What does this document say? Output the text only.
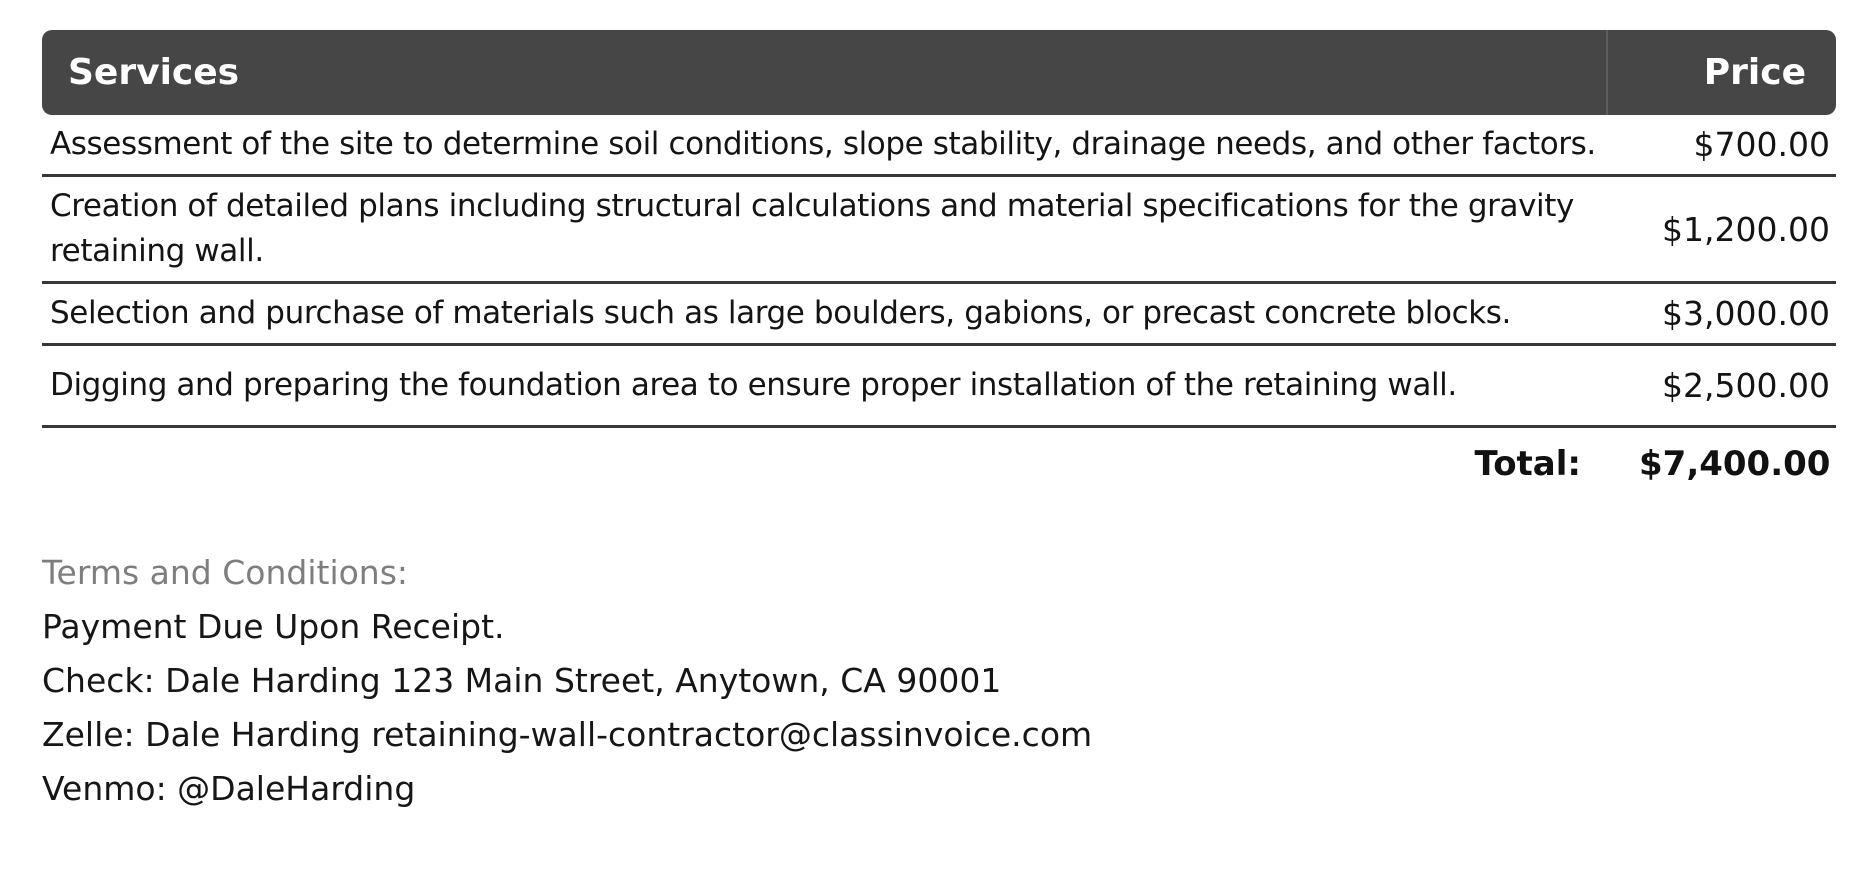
Services	Price
Assessment of the site to determine soil conditions, slope stability, drainage needs, and other factors.	$700.00
Creation of detailed plans including structural calculations and material specifications for the gravity retaining wall.	$1,200.00
Selection and purchase of materials such as large boulders, gabions, or precast concrete blocks.	$3,000.00
Digging and preparing the foundation area to ensure proper installation of the retaining wall.	$2,500.00
Total:	$7,400.00
Terms and Conditions:
Payment Due Upon Receipt.
Check: Dale Harding 123 Main Street, Anytown, CA 90001
Zelle: Dale Harding retaining-wall-contractor@classinvoice.com
Venmo: @DaleHarding
